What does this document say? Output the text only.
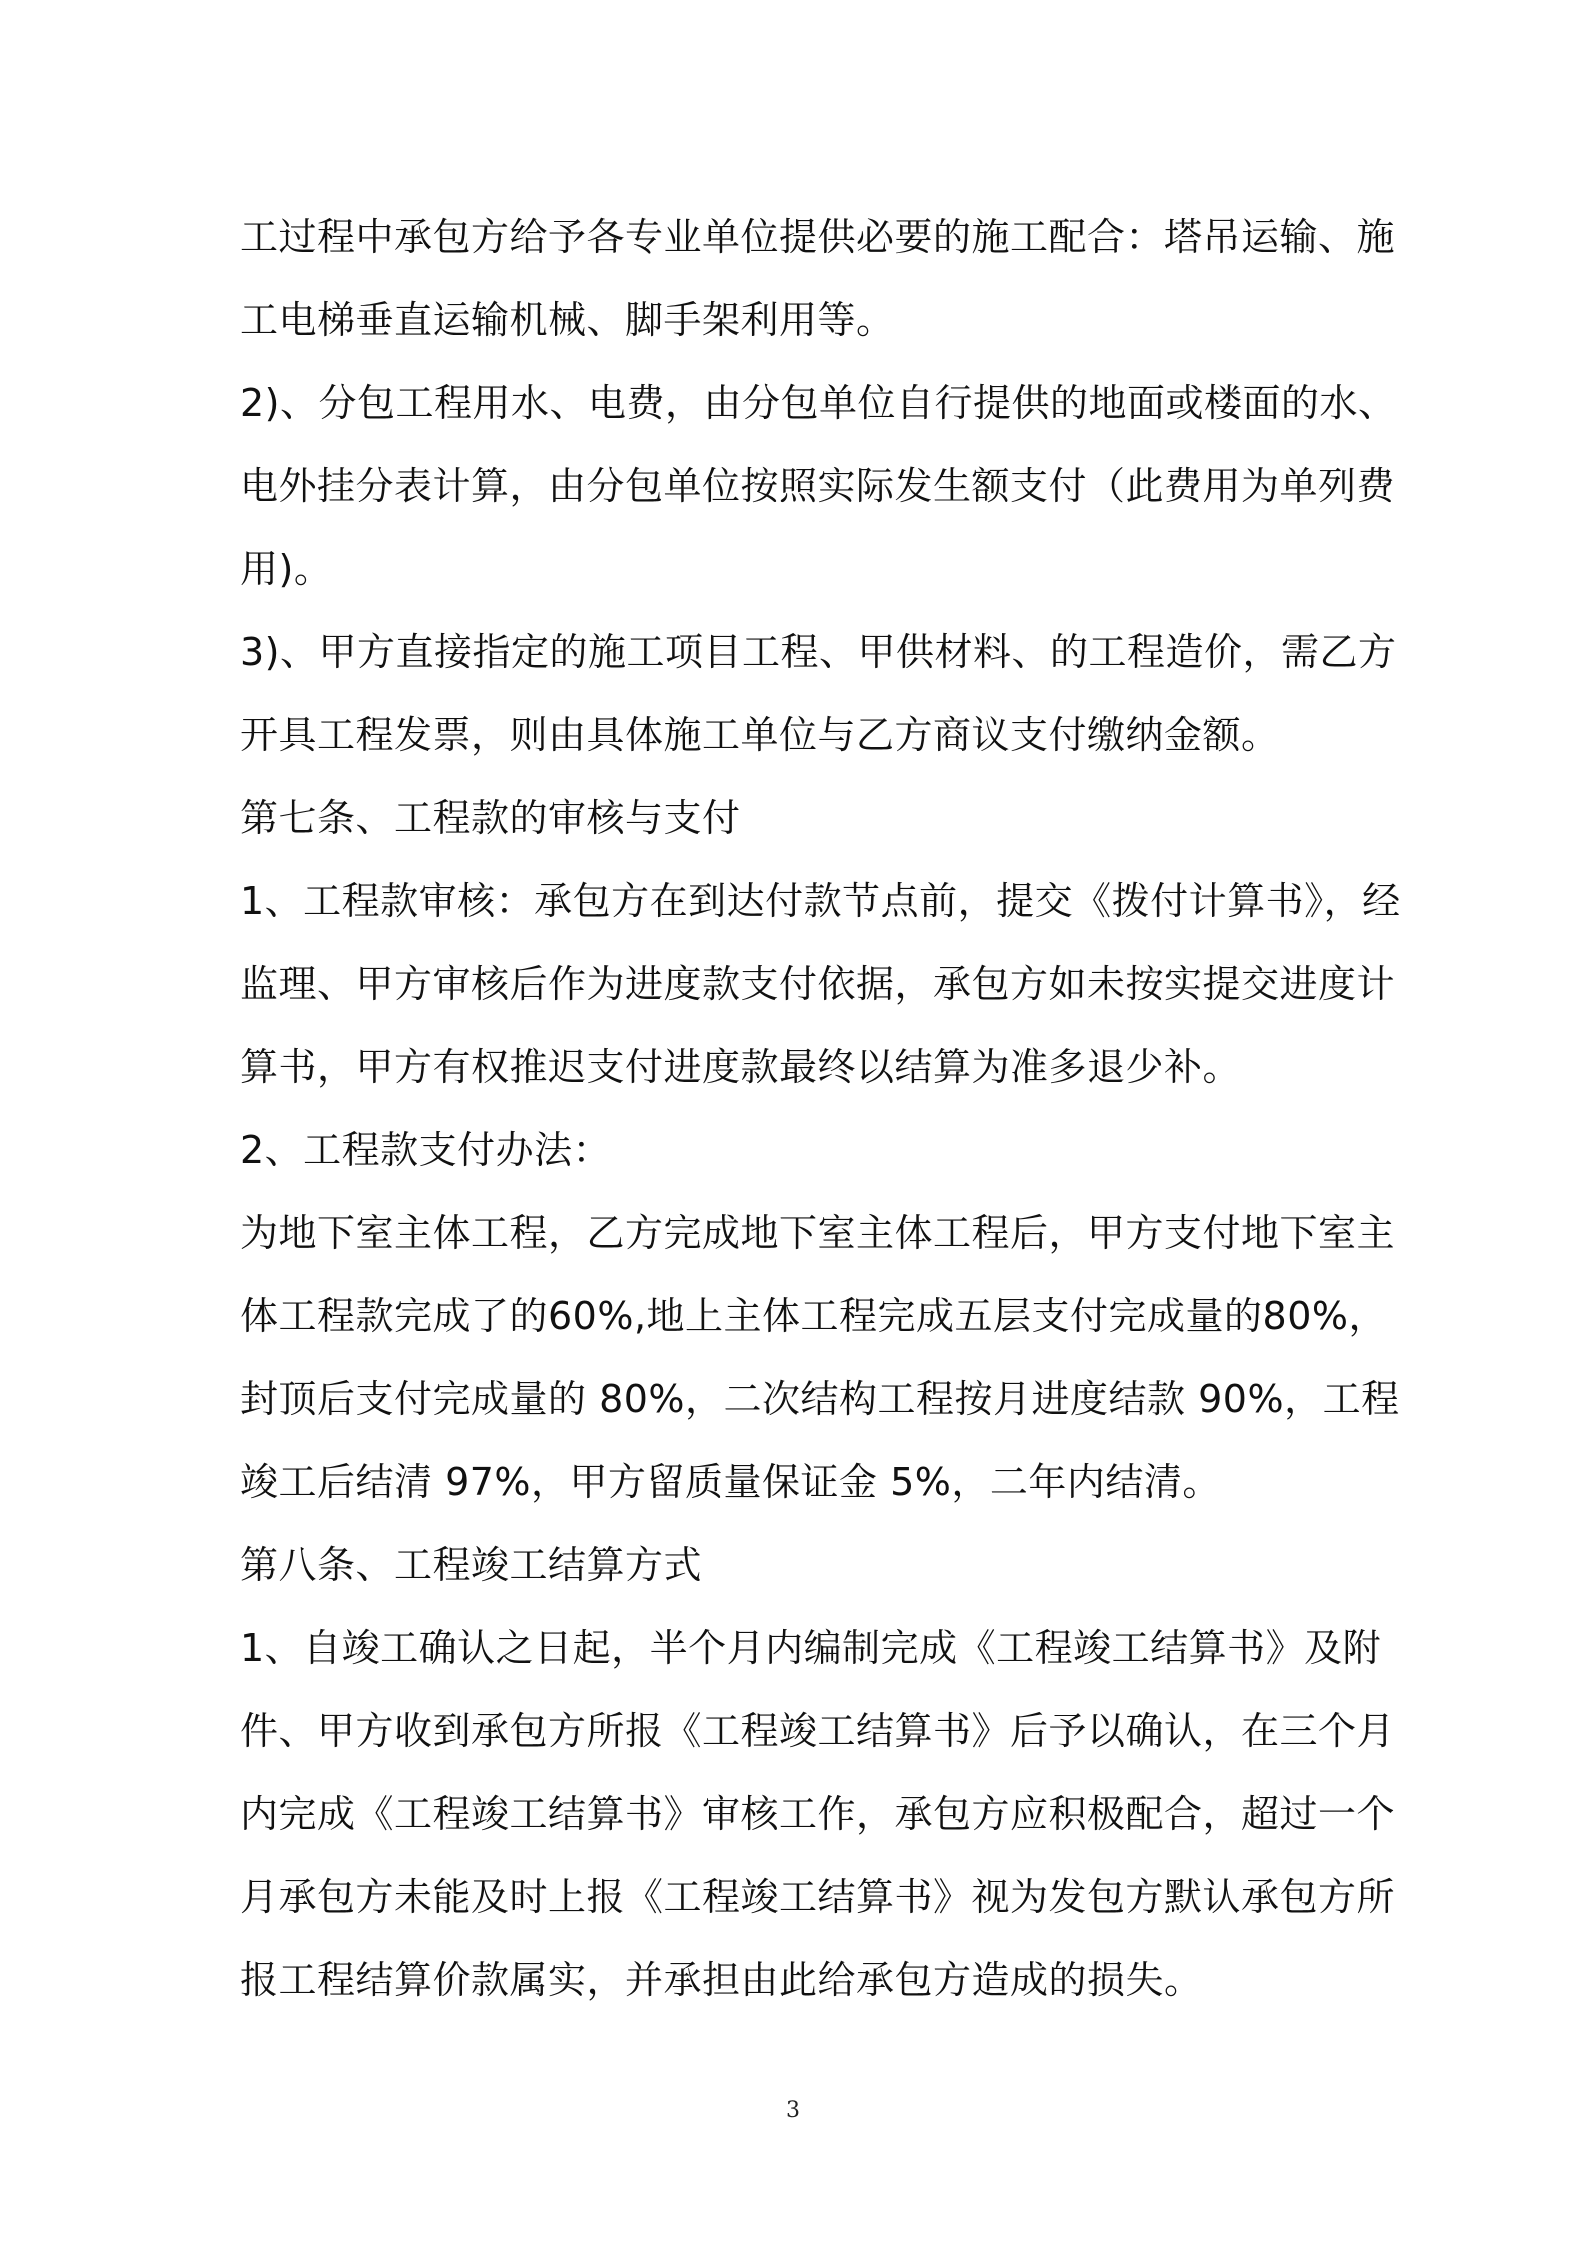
工过程中承包方给予各专业单位提供必要的施工配合：塔吊运输、施
工电梯垂直运输机械、脚手架利用等。
2)、分包工程用水、电费，由分包单位自行提供的地面或楼面的水、
电外挂分表计算，由分包单位按照实际发生额支付（此费用为单列费
用)。
3)、甲方直接指定的施工项目工程、甲供材料、的工程造价，需乙方
开具工程发票，则由具体施工单位与乙方商议支付缴纳金额。
第七条、工程款的审核与支付
1、工程款审核：承包方在到达付款节点前，提交《拨付计算书》，经
监理、甲方审核后作为进度款支付依据，承包方如未按实提交进度计
算书，甲方有权推迟支付进度款最终以结算为准多退少补。
2、工程款支付办法：
为地下室主体工程，乙方完成地下室主体工程后，甲方支付地下室主
体工程款完成了的60%,地上主体工程完成五层支付完成量的80%，
封顶后支付完成量的 80%，二次结构工程按月进度结款 90%，工程
竣工后结清 97%，甲方留质量保证金 5%，二年内结清。
第八条、工程竣工结算方式
1、自竣工确认之日起，半个月内编制完成《工程竣工结算书》及附
件、甲方收到承包方所报《工程竣工结算书》后予以确认，在三个月
内完成《工程竣工结算书》审核工作，承包方应积极配合，超过一个
月承包方未能及时上报《工程竣工结算书》视为发包方默认承包方所
报工程结算价款属实，并承担由此给承包方造成的损失。
3
